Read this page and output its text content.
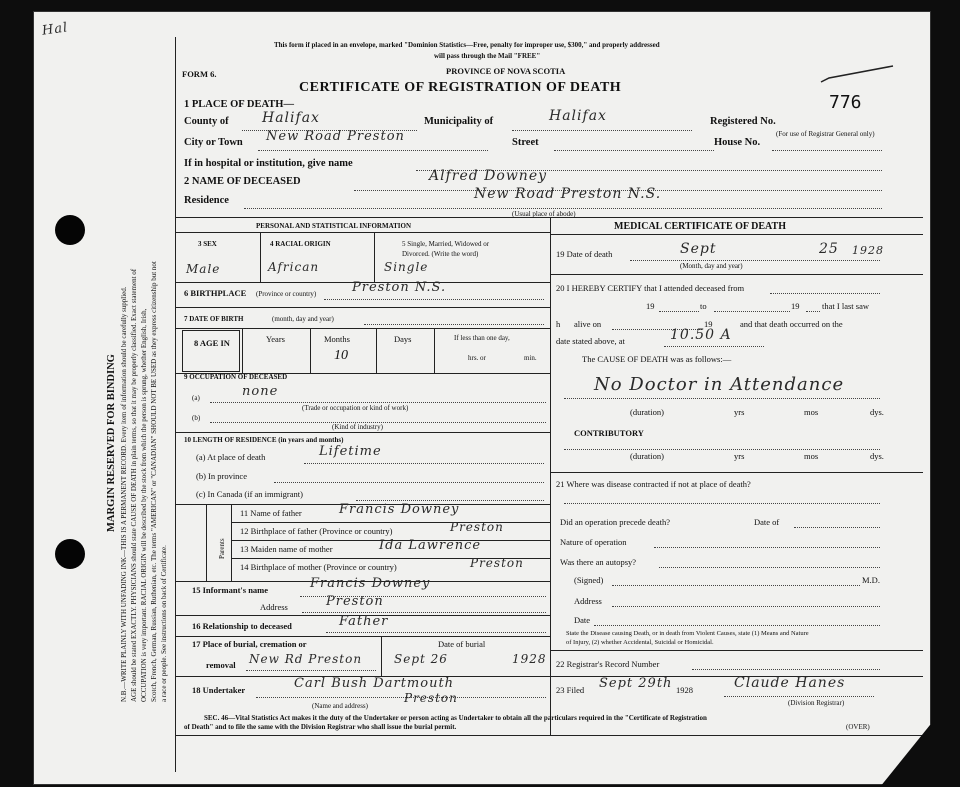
Hal
MARGIN RESERVED FOR BINDING N.B.—WRITE PLAINLY WITH UNFADING INK—THIS IS A PERMANENT RECORD. Every item of information should be carefully supplied. AGE should be stated EXACTLY. PHYSICIANS should state CAUSE OF DEATH in plain terms, so that it may be properly classified. Exact statement of OCCUPATION is very important. RACIAL ORIGIN will be described by the stock from which the person is sprung, whether English, Irish, Scotch, French, German, Russian, Ruthenian, etc. The terms "AMERICAN" or "CANADIAN" SHOULD NOT BE USED as they express citizenship but not a race or people. See instructions on back of Certificate.
This form if placed in an envelope, marked "Dominion Statistics—Free, penalty for improper use, $300," and properly addressed
will pass through the Mail "FREE"
PROVINCE OF NOVA SCOTIA
FORM 6.
CERTIFICATE OF REGISTRATION OF DEATH
776
1 PLACE OF DEATH—
County of Halifax	Municipality of	Halifax	Registered No.
(For use of Registrar General only)
City or Town New Road Preston	Street	House No.
If in hospital or institution, give name
2 NAME OF DECEASED	Alfred Downey
Residence	New Road Preston N.S.
(Usual place of abode)
PERSONAL AND STATISTICAL INFORMATION
3 SEX	4 RACIAL ORIGIN	5 Single, Married, Widowed or
Divorced. (Write the word)
Male	African	Single
6 BIRTHPLACE (Province or country)	Preston N.S.
7 DATE OF BIRTH	(month, day and year)
8 AGE IN	Years	Months
10
Days	If less than one day,
hrs. or	min.
9 OCCUPATION OF DECEASED
(a)	none
(Trade or occupation or kind of work)
(b)
(Kind of industry)
10 LENGTH OF RESIDENCE (in years and months)
(a) At place of death	Lifetime
(b) In province
(c) In Canada (if an immigrant)
Parents
11 Name of father	Francis Downey
12 Birthplace of father (Province or country)	Preston
13 Maiden name of mother	Ida Lawrence
14 Birthplace of mother (Province or country)	Preston
15 Informant's name	Francis Downey
Address	Preston
16 Relationship to deceased	Father
17 Place of burial, cremation or
removal New Rd Preston
Date of burial
Sept 26	1928
18 Undertaker	Carl Bush Dartmouth
Preston
(Name and address)
MEDICAL CERTIFICATE OF DEATH
19 Date of death	Sept	25 1928
(Month, day and year)
20 I HEREBY CERTIFY that I attended deceased from
19	to	19	that I last saw
h alive on	19	and that death occurred on the
date stated above, at	10.50 A
The CAUSE OF DEATH was as follows:—
No Doctor in Attendance
(duration)	yrs	mos	dys.
CONTRIBUTORY
(duration)	yrs	mos	dys.
21 Where was disease contracted if not at place of death?
Did an operation precede death?	Date of
Nature of operation
Was there an autopsy?
(Signed)	M.D.
Address
Date
State the Disease causing Death, or in death from Violent Causes, state (1) Means and Nature
of Injury, (2) whether Accidental, Suicidal or Homicidal.
22 Registrar's Record Number
23 Filed Sept 29th 1928	Claude Hanes
(Division Registrar)
SEC. 46—Vital Statistics Act makes it the duty of the Undertaker or person acting as Undertaker to obtain all the particulars required in the "Certificate of Registration
of Death" and to file the same with the Division Registrar who shall issue the burial permit.	(OVER)
